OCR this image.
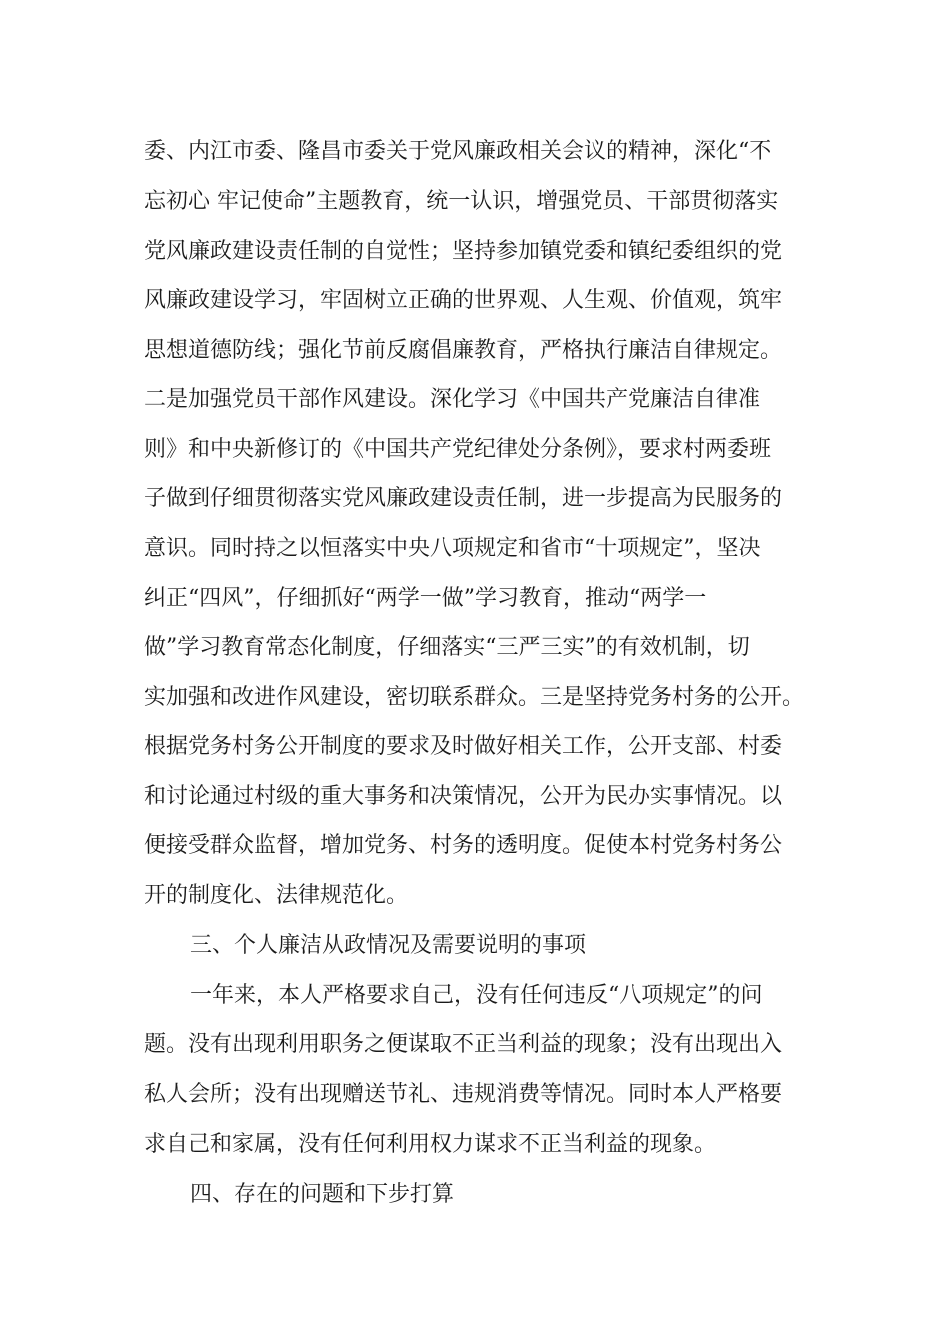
委、内江市委、隆昌市委关于党风廉政相关会议的精神，深化“不
忘初心 牢记使命”主题教育，统一认识，增强党员、干部贯彻落实
党风廉政建设责任制的自觉性；坚持参加镇党委和镇纪委组织的党
风廉政建设学习，牢固树立正确的世界观、人生观、价值观，筑牢
思想道德防线；强化节前反腐倡廉教育，严格执行廉洁自律规定。
二是加强党员干部作风建设。深化学习《中国共产党廉洁自律准
则》和中央新修订的《中国共产党纪律处分条例》，要求村两委班
子做到仔细贯彻落实党风廉政建设责任制，进一步提高为民服务的
意识。同时持之以恒落实中央八项规定和省市“十项规定”，坚决
纠正“四风”，仔细抓好“两学一做”学习教育，推动“两学一
做”学习教育常态化制度，仔细落实“三严三实”的有效机制，切
实加强和改进作风建设，密切联系群众。三是坚持党务村务的公开。
根据党务村务公开制度的要求及时做好相关工作，公开支部、村委
和讨论通过村级的重大事务和决策情况，公开为民办实事情况。以
便接受群众监督，增加党务、村务的透明度。促使本村党务村务公
开的制度化、法律规范化。
三、个人廉洁从政情况及需要说明的事项
一年来，本人严格要求自己，没有任何违反“八项规定”的问
题。没有出现利用职务之便谋取不正当利益的现象；没有出现出入
私人会所；没有出现赠送节礼、违规消费等情况。同时本人严格要
求自己和家属，没有任何利用权力谋求不正当利益的现象。
四、存在的问题和下步打算
